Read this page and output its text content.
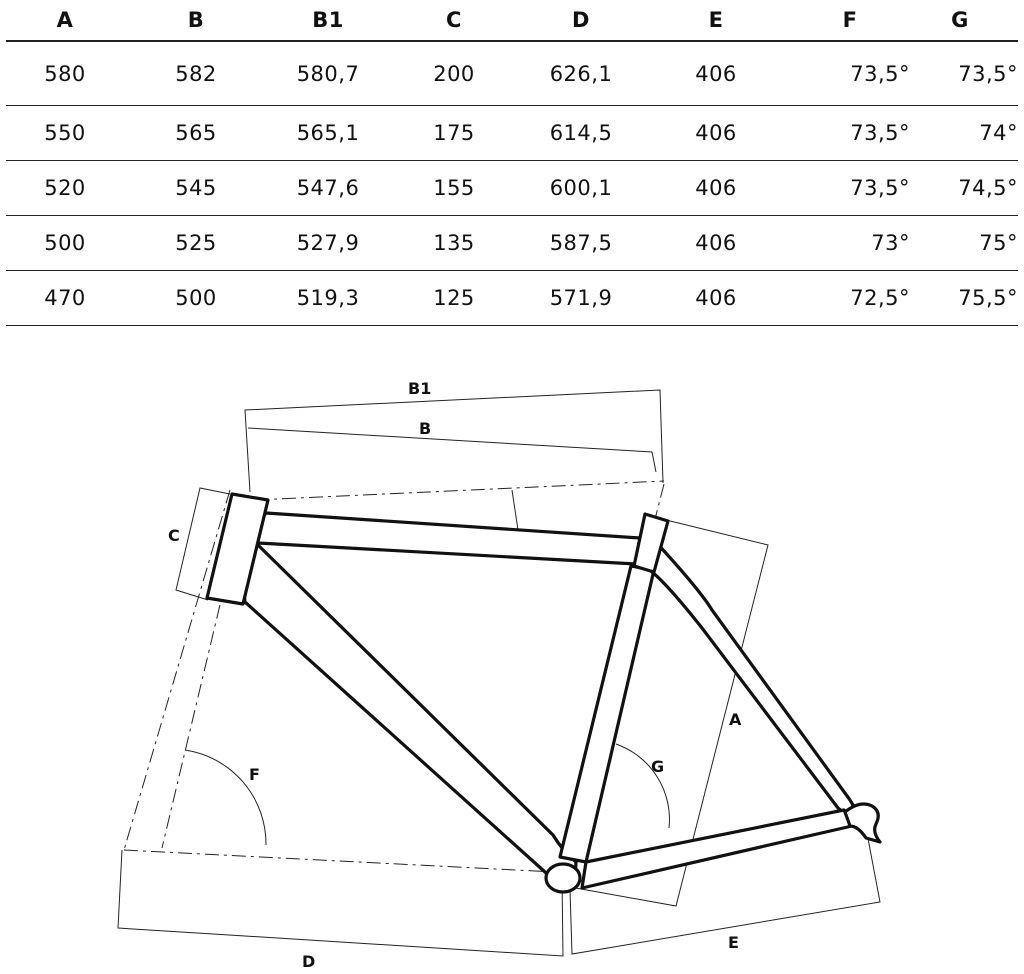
A	B	B1	C	D	E	F	G
580	582	580,7	200	626,1	406	73,5°	73,5°
550	565	565,1	175	614,5	406	73,5°	74°
520	545	547,6	155	600,1	406	73,5°	74,5°
500	525	527,9	135	587,5	406	73°	75°
470	500	519,3	125	571,9	406	72,5°	75,5°
B1
B
C
A
F	G
D
E
